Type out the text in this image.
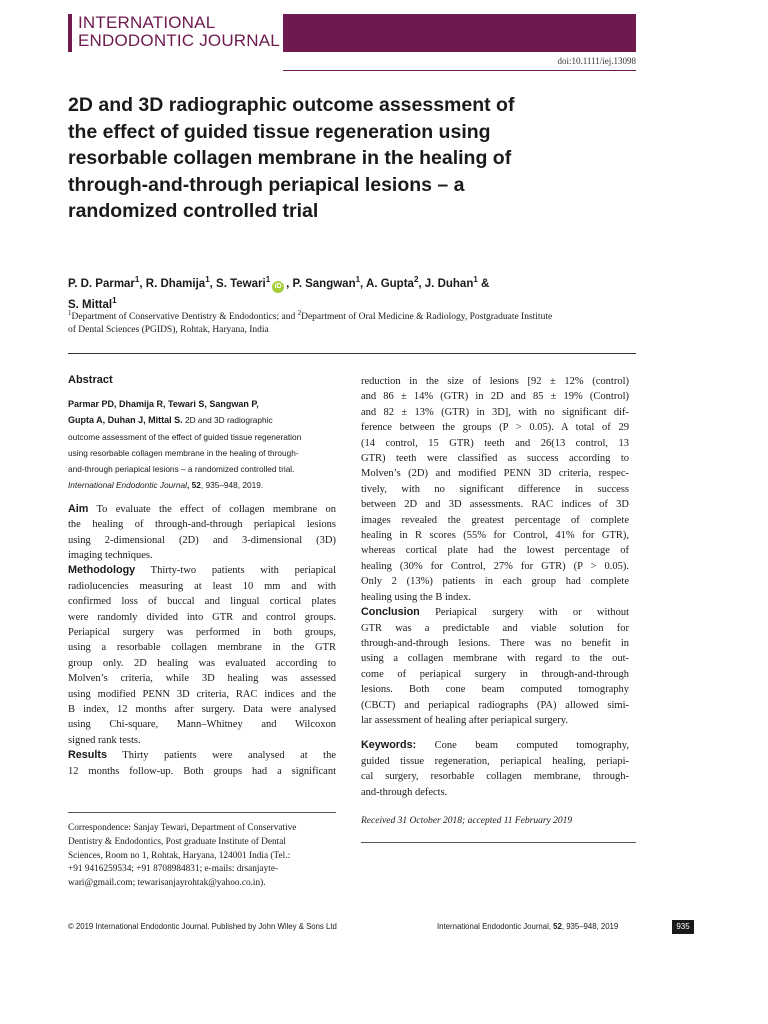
INTERNATIONAL
ENDODONTIC JOURNAL
doi:10.1111/iej.13098
2D and 3D radiographic outcome assessment of
the effect of guided tissue regeneration using
resorbable collagen membrane in the healing of
through-and-through periapical lesions – a
randomized controlled trial
P. D. Parmar$^1$, R. Dhamija$^1$, S. Tewari$^1$iD , P. Sangwan$^1$, A. Gupta$^2$, J. Duhan$^1$ &
S. Mittal$^1$
$^1$Department of Conservative Dentistry & Endodontics; and $^2$Department of Oral Medicine & Radiology, Postgraduate Institute
of Dental Sciences (PGIDS), Rohtak, Haryana, India
Abstract
Parmar PD, Dhamija R, Tewari S, Sangwan P,
Gupta A, Duhan J, Mittal S. 2D and 3D radiographic
outcome assessment of the effect of guided tissue regeneration
using resorbable collagen membrane in the healing of through-
and-through periapical lesions – a randomized controlled trial.
International Endodontic Journal, 52, 935–948, 2019.
Aim To evaluate the effect of collagen membrane on
the healing of through-and-through periapical lesions
using 2-dimensional (2D) and 3-dimensional (3D)
imaging techniques.
Methodology Thirty-two patients with periapical
radiolucencies measuring at least 10 mm and with
confirmed loss of buccal and lingual cortical plates
were randomly divided into GTR and control groups.
Periapical surgery was performed in both groups,
using a resorbable collagen membrane in the GTR
group only. 2D healing was evaluated according to
Molven’s criteria, while 3D healing was assessed
using modified PENN 3D criteria, RAC indices and the
B index, 12 months after surgery. Data were analysed
using Chi-square, Mann–Whitney and Wilcoxon
signed rank tests.
Results Thirty patients were analysed at the
12 months follow-up. Both groups had a significant
Correspondence: Sanjay Tewari, Department of Conservative
Dentistry & Endodontics, Post graduate Institute of Dental
Sciences, Room no 1, Rohtak, Haryana, 124001 India (Tel.:
+91 9416259534; +91 8708984831; e-mails: drsanjayte-
wari@gmail.com; tewarisanjayrohtak@yahoo.co.in).
reduction in the size of lesions [92 ± 12% (control)
and 86 ± 14% (GTR) in 2D and 85 ± 19% (Control)
and 82 ± 13% (GTR) in 3D], with no significant dif-
ference between the groups (P > 0.05). A total of 29
(14 control, 15 GTR) teeth and 26(13 control, 13
GTR) teeth were classified as success according to
Molven’s (2D) and modified PENN 3D criteria, respec-
tively, with no significant difference in success
between 2D and 3D assessments. RAC indices of 3D
images revealed the greatest percentage of complete
healing in R scores (55% for Control, 41% for GTR),
whereas cortical plate had the lowest percentage of
healing (30% for Control, 27% for GTR) (P > 0.05).
Only 2 (13%) patients in each group had complete
healing using the B index.
Conclusion Periapical surgery with or without
GTR was a predictable and viable solution for
through-and-through lesions. There was no benefit in
using a collagen membrane with regard to the out-
come of periapical surgery in through-and-through
lesions. Both cone beam computed tomography
(CBCT) and periapical radiographs (PA) allowed simi-
lar assessment of healing after periapical surgery.
Keywords: Cone beam computed tomography,
guided tissue regeneration, periapical healing, periapi-
cal surgery, resorbable collagen membrane, through-
and-through defects.
Received 31 October 2018; accepted 11 February 2019
© 2019 International Endodontic Journal. Published by John Wiley & Sons Ltd	International Endodontic Journal, 52, 935–948, 2019	935
